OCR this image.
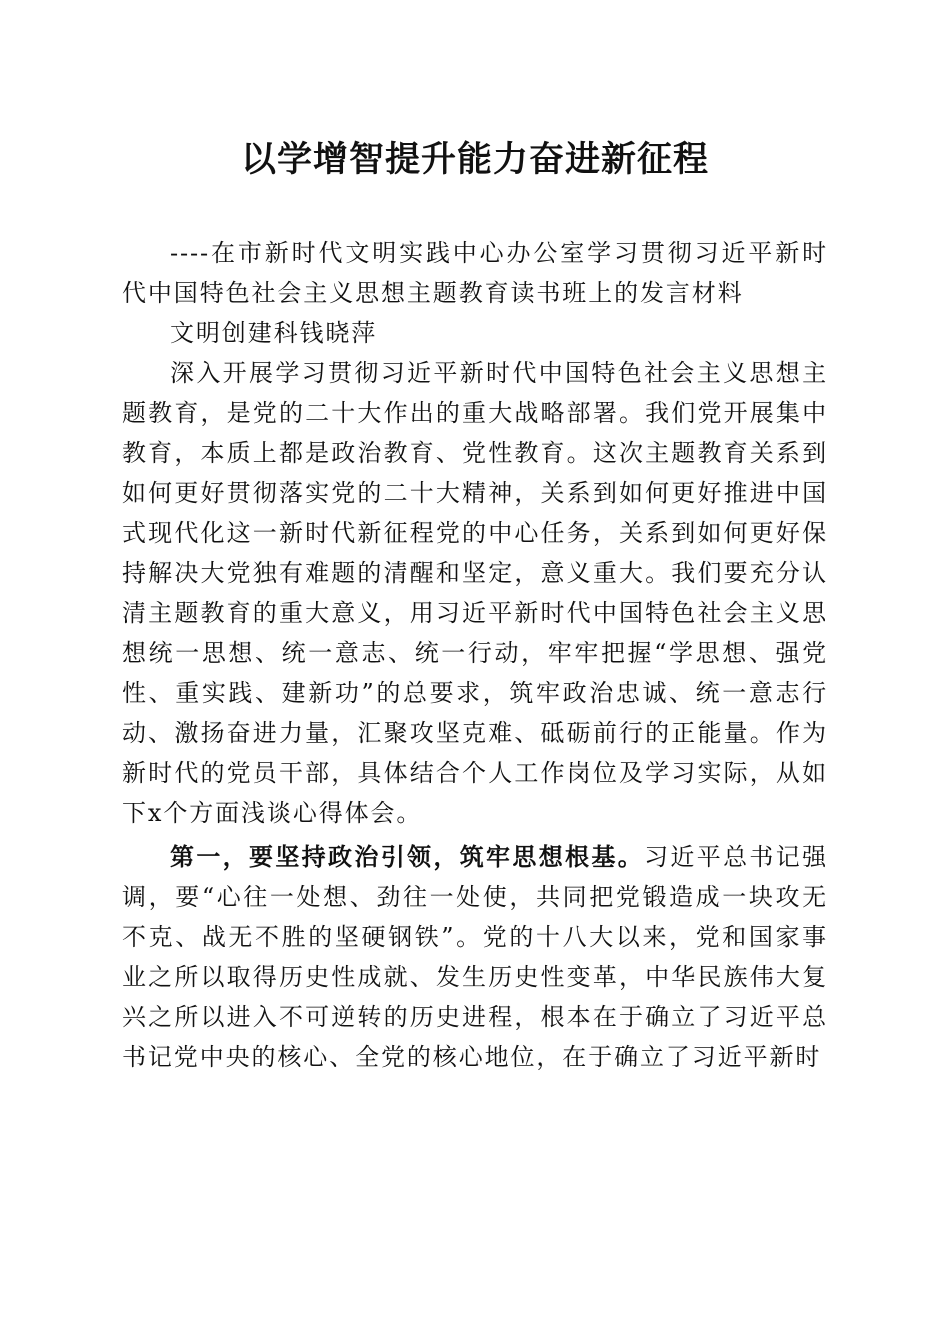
以学增智提升能力奋进新征程

----在市新时代文明实践中心办公室学习贯彻习近平新时代中国特色社会主义思想主题教育读书班上的发言材料

文明创建科钱晓萍

深入开展学习贯彻习近平新时代中国特色社会主义思想主题教育，是党的二十大作出的重大战略部署。我们党开展集中教育，本质上都是政治教育、党性教育。这次主题教育关系到如何更好贯彻落实党的二十大精神，关系到如何更好推进中国式现代化这一新时代新征程党的中心任务，关系到如何更好保持解决大党独有难题的清醒和坚定，意义重大。我们要充分认清主题教育的重大意义，用习近平新时代中国特色社会主义思想统一思想、统一意志、统一行动，牢牢把握“学思想、强党性、重实践、建新功”的总要求，筑牢政治忠诚、统一意志行动、激扬奋进力量，汇聚攻坚克难、砥砺前行的正能量。作为新时代的党员干部，具体结合个人工作岗位及学习实际，从如下x个方面浅谈心得体会。

第一，要坚持政治引领，筑牢思想根基。习近平总书记强调，要“心往一处想、劲往一处使，共同把党锻造成一块攻无不克、战无不胜的坚硬钢铁”。党的十八大以来，党和国家事业之所以取得历史性成就、发生历史性变革，中华民族伟大复兴之所以进入不可逆转的历史进程，根本在于确立了习近平总书记党中央的核心、全党的核心地位，在于确立了习近平新时
